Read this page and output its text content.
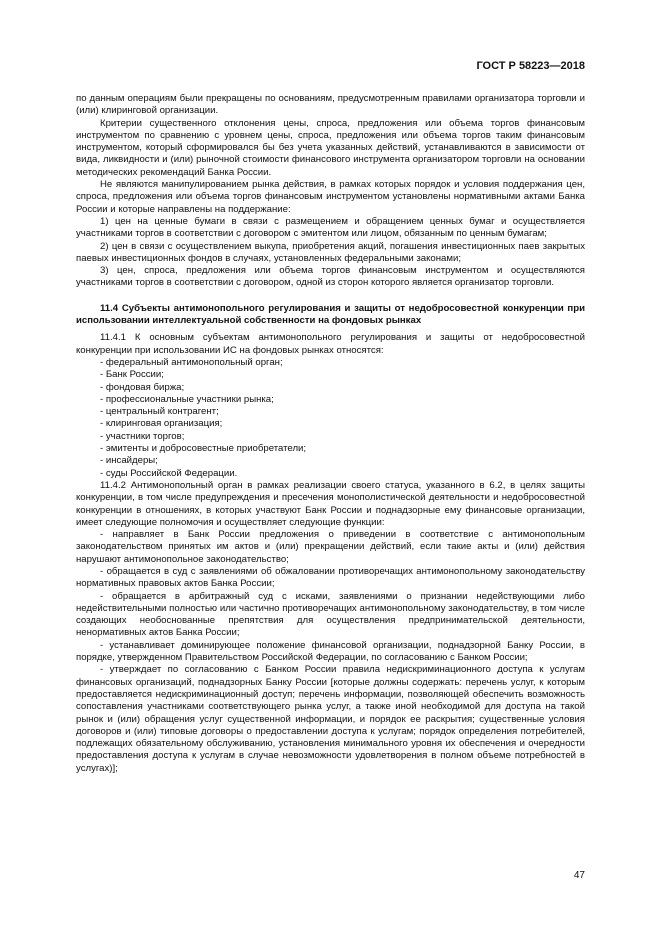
ГОСТ Р 58223—2018

по данным операциям были прекращены по основаниям, предусмотренным правилами организатора торговли и (или) клиринговой организации.

Критерии существенного отклонения цены, спроса, предложения или объема торгов финансовым инструментом по сравнению с уровнем цены, спроса, предложения или объема торгов таким финансовым инструментом, который сформировался бы без учета указанных действий, устанавливаются в зависимости от вида, ликвидности и (или) рыночной стоимости финансового инструмента организатором торговли на основании методических рекомендаций Банка России.

Не являются манипулированием рынка действия, в рамках которых порядок и условия поддержания цен, спроса, предложения или объема торгов финансовым инструментом установлены нормативными актами Банка России и которые направлены на поддержание:

1) цен на ценные бумаги в связи с размещением и обращением ценных бумаг и осуществляется участниками торгов в соответствии с договором с эмитентом или лицом, обязанным по ценным бумагам;

2) цен в связи с осуществлением выкупа, приобретения акций, погашения инвестиционных паев закрытых паевых инвестиционных фондов в случаях, установленных федеральными законами;

3) цен, спроса, предложения или объема торгов финансовым инструментом и осуществляются участниками торгов в соответствии с договором, одной из сторон которого является организатор торговли.

11.4 Субъекты антимонопольного регулирования и защиты от недобросовестной конкуренции при использовании интеллектуальной собственности на фондовых рынках

11.4.1 К основным субъектам антимонопольного регулирования и защиты от недобросовестной конкуренции при использовании ИС на фондовых рынках относятся:

- федеральный антимонопольный орган;

- Банк России;

- фондовая биржа;

- профессиональные участники рынка;

- центральный контрагент;

- клиринговая организация;

- участники торгов;

- эмитенты и добросовестные приобретатели;

- инсайдеры;

- суды Российской Федерации.

11.4.2 Антимонопольный орган в рамках реализации своего статуса, указанного в 6.2, в целях защиты конкуренции, в том числе предупреждения и пресечения монополистической деятельности и недобросовестной конкуренции в отношениях, в которых участвуют Банк России и поднадзорные ему финансовые организации, имеет следующие полномочия и осуществляет следующие функции:

- направляет в Банк России предложения о приведении в соответствие с антимонопольным законодательством принятых им актов и (или) прекращении действий, если такие акты и (или) действия нарушают антимонопольное законодательство;

- обращается в суд с заявлениями об обжаловании противоречащих антимонопольному законодательству нормативных правовых актов Банка России;

- обращается в арбитражный суд с исками, заявлениями о признании недействующими либо недействительными полностью или частично противоречащих антимонопольному законодательству, в том числе создающих необоснованные препятствия для осуществления предпринимательской деятельности, ненормативных актов Банка России;

- устанавливает доминирующее положение финансовой организации, поднадзорной Банку России, в порядке, утвержденном Правительством Российской Федерации, по согласованию с Банком России;

- утверждает по согласованию с Банком России правила недискриминационного доступа к услугам финансовых организаций, поднадзорных Банку России [которые должны содержать: перечень услуг, к которым предоставляется недискриминационный доступ; перечень информации, позволяющей обеспечить возможность сопоставления участниками соответствующего рынка услуг, а также иной необходимой для доступа на такой рынок и (или) обращения услуг существенной информации, и порядок ее раскрытия; существенные условия договоров и (или) типовые договоры о предоставлении доступа к услугам; порядок определения потребителей, подлежащих обязательному обслуживанию, установления минимального уровня их обеспечения и очередности предоставления доступа к услугам в случае невозможности удовлетворения в полном объеме потребностей в услугах)];

47
